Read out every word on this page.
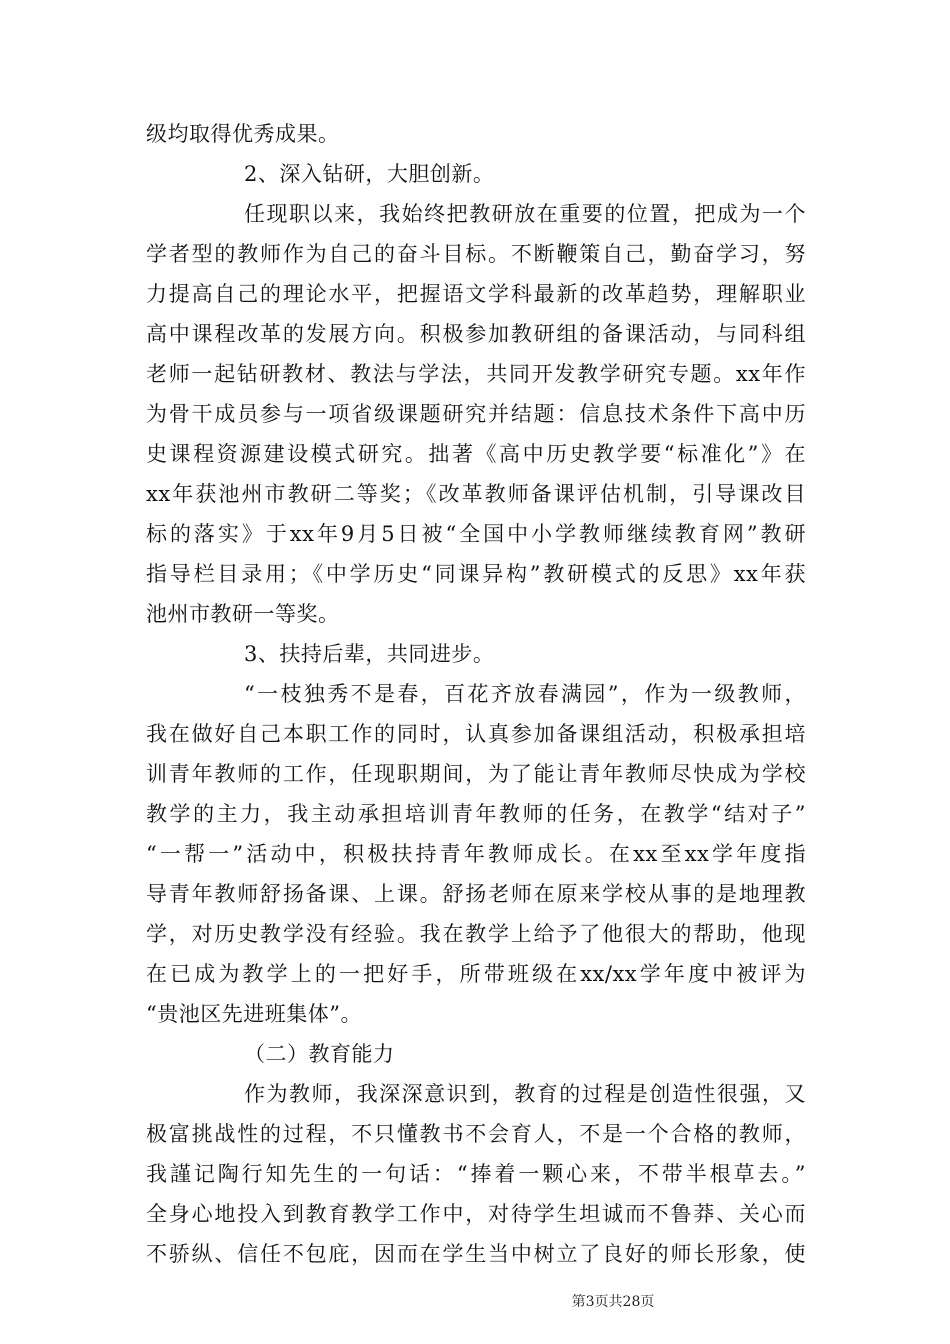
级均取得优秀成果。
2、深入钻研，大胆创新。
任现职以来，我始终把教研放在重要的位置，把成为一个
学者型的教师作为自己的奋斗目标。不断鞭策自己，勤奋学习，努
力提高自己的理论水平，把握语文学科最新的改革趋势，理解职业
高中课程改革的发展方向。积极参加教研组的备课活动，与同科组
老师一起钻研教材、教法与学法，共同开发教学研究专题。xx年作
为骨干成员参与一项省级课题研究并结题：信息技术条件下高中历
史课程资源建设模式研究。拙著《高中历史教学要“标准化”》在
xx年获池州市教研二等奖；《改革教师备课评估机制，引导课改目
标的落实》于xx年9月5日被“全国中小学教师继续教育网”教研
指导栏目录用；《中学历史“同课异构”教研模式的反思》xx年获
池州市教研一等奖。
3、扶持后辈，共同进步。
“一枝独秀不是春，百花齐放春满园”，作为一级教师，
我在做好自己本职工作的同时，认真参加备课组活动，积极承担培
训青年教师的工作，任现职期间，为了能让青年教师尽快成为学校
教学的主力，我主动承担培训青年教师的任务，在教学“结对子”
“一帮一”活动中，积极扶持青年教师成长。在xx至xx学年度指
导青年教师舒扬备课、上课。舒扬老师在原来学校从事的是地理教
学，对历史教学没有经验。我在教学上给予了他很大的帮助，他现
在已成为教学上的一把好手，所带班级在xx/xx学年度中被评为
“贵池区先进班集体”。
（二）教育能力
作为教师，我深深意识到，教育的过程是创造性很强，又
极富挑战性的过程，不只懂教书不会育人，不是一个合格的教师，
我謹记陶行知先生的一句话：“捧着一颗心来，不带半根草去。”
全身心地投入到教育教学工作中，对待学生坦诚而不鲁莽、关心而
不骄纵、信任不包庇，因而在学生当中树立了良好的师长形象，使
第3页共28页
